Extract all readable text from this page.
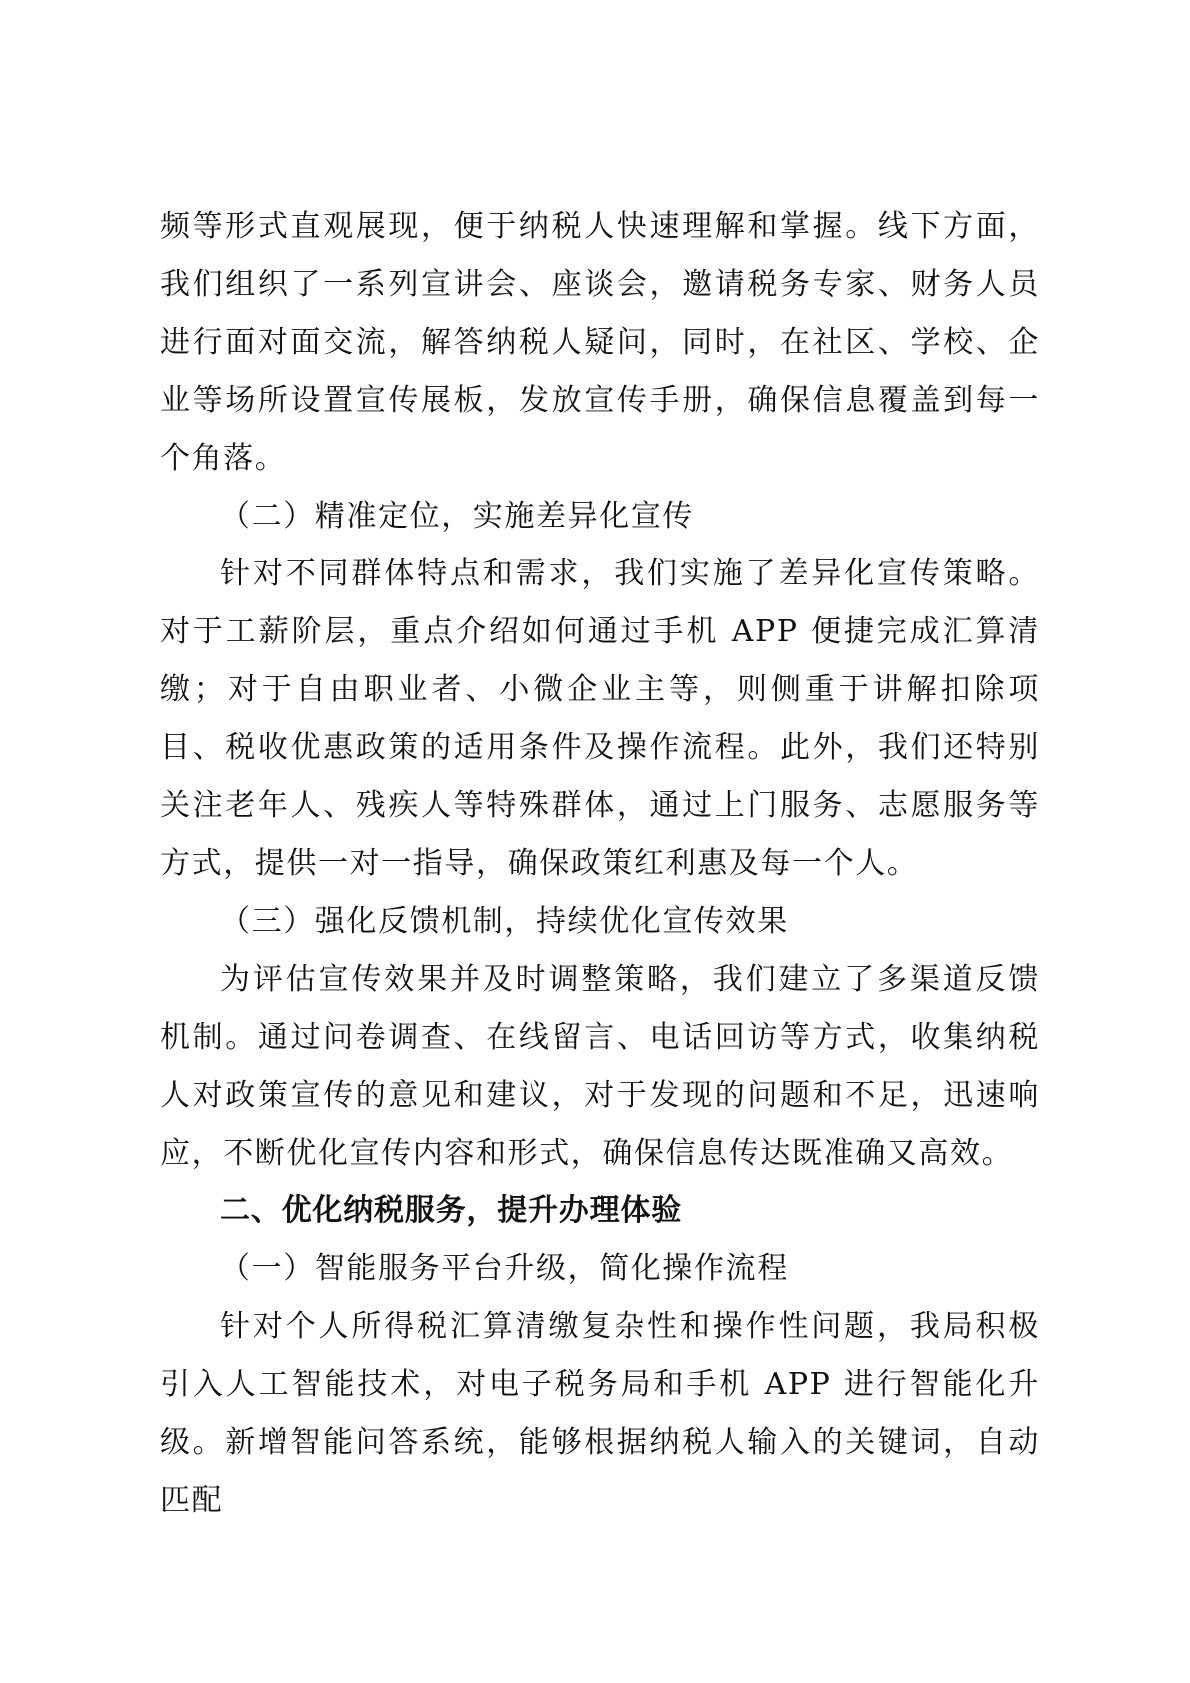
频等形式直观展现，便于纳税人快速理解和掌握。线下方面，我们组织了一系列宣讲会、座谈会，邀请税务专家、财务人员进行面对面交流，解答纳税人疑问，同时，在社区、学校、企业等场所设置宣传展板，发放宣传手册，确保信息覆盖到每一个角落。

（二）精准定位，实施差异化宣传

针对不同群体特点和需求，我们实施了差异化宣传策略。对于工薪阶层，重点介绍如何通过手机 APP 便捷完成汇算清缴；对于自由职业者、小微企业主等，则侧重于讲解扣除项目、税收优惠政策的适用条件及操作流程。此外，我们还特别关注老年人、残疾人等特殊群体，通过上门服务、志愿服务等方式，提供一对一指导，确保政策红利惠及每一个人。

（三）强化反馈机制，持续优化宣传效果

为评估宣传效果并及时调整策略，我们建立了多渠道反馈机制。通过问卷调查、在线留言、电话回访等方式，收集纳税人对政策宣传的意见和建议，对于发现的问题和不足，迅速响应，不断优化宣传内容和形式，确保信息传达既准确又高效。

二、优化纳税服务，提升办理体验

（一）智能服务平台升级，简化操作流程

针对个人所得税汇算清缴复杂性和操作性问题，我局积极引入人工智能技术，对电子税务局和手机 APP 进行智能化升级。新增智能问答系统，能够根据纳税人输入的关键词，自动匹配
